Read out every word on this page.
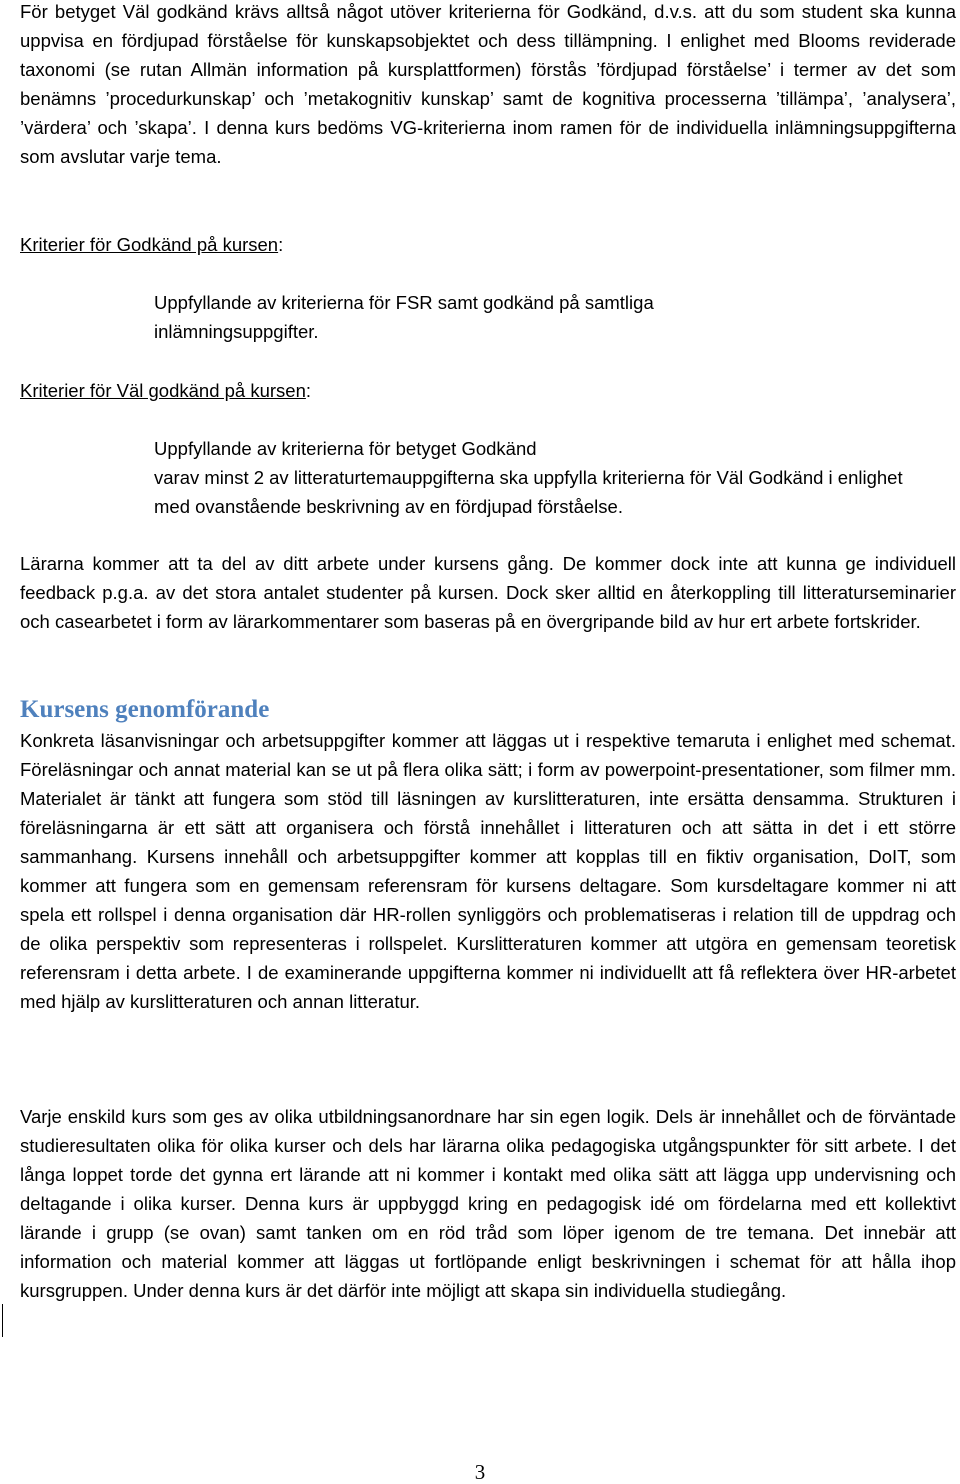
För betyget Väl godkänd krävs alltså något utöver kriterierna för Godkänd, d.v.s. att du som student ska kunna uppvisa en fördjupad förståelse för kunskapsobjektet och dess tillämpning. I enlighet med Blooms reviderade taxonomi (se rutan Allmän information på kursplattformen) förstås ’fördjupad förståelse’ i termer av det som benämns ’procedurkunskap’ och ’metakognitiv kunskap’ samt de kognitiva processerna ’tillämpa’, ’analysera’, ’värdera’ och ’skapa’. I denna kurs bedöms VG-kriterierna inom ramen för de individuella inlämningsuppgifterna som avslutar varje tema.

Kriterier för Godkänd på kursen:

Uppfyllande av kriterierna för FSR samt godkänd på samtliga inlämningsuppgifter.

Kriterier för Väl godkänd på kursen:

Uppfyllande av kriterierna för betyget Godkänd

varav minst 2 av litteraturtemauppgifterna ska uppfylla kriterierna för Väl Godkänd i enlighet med ovanstående beskrivning av en fördjupad förståelse.

Lärarna kommer att ta del av ditt arbete under kursens gång. De kommer dock inte att kunna ge individuell feedback p.g.a. av det stora antalet studenter på kursen. Dock sker alltid en återkoppling till litteraturseminarier och casearbetet i form av lärarkommentarer som baseras på en övergripande bild av hur ert arbete fortskrider.

Kursens genomförande

Konkreta läsanvisningar och arbetsuppgifter kommer att läggas ut i respektive temaruta i enlighet med schemat. Föreläsningar och annat material kan se ut på flera olika sätt; i form av powerpoint-presentationer, som filmer mm. Materialet är tänkt att fungera som stöd till läsningen av kurslitteraturen, inte ersätta densamma. Strukturen i föreläsningarna är ett sätt att organisera och förstå innehållet i litteraturen och att sätta in det i ett större sammanhang. Kursens innehåll och arbetsuppgifter kommer att kopplas till en fiktiv organisation, DoIT, som kommer att fungera som en gemensam referensram för kursens deltagare. Som kursdeltagare kommer ni att spela ett rollspel i denna organisation där HR-rollen synliggörs och problematiseras i relation till de uppdrag och de olika perspektiv som representeras i rollspelet. Kurslitteraturen kommer att utgöra en gemensam teoretisk referensram i detta arbete. I de examinerande uppgifterna kommer ni individuellt att få reflektera över HR-arbetet med hjälp av kurslitteraturen och annan litteratur.

Varje enskild kurs som ges av olika utbildningsanordnare har sin egen logik. Dels är innehållet och de förväntade studieresultaten olika för olika kurser och dels har lärarna olika pedagogiska utgångspunkter för sitt arbete. I det långa loppet torde det gynna ert lärande att ni kommer i kontakt med olika sätt att lägga upp undervisning och deltagande i olika kurser. Denna kurs är uppbyggd kring en pedagogisk idé om fördelarna med ett kollektivt lärande i grupp (se ovan) samt tanken om en röd tråd som löper igenom de tre temana. Det innebär att information och material kommer att läggas ut fortlöpande enligt beskrivningen i schemat för att hålla ihop kursgruppen. Under denna kurs är det därför inte möjligt att skapa sin individuella studiegång.

3
